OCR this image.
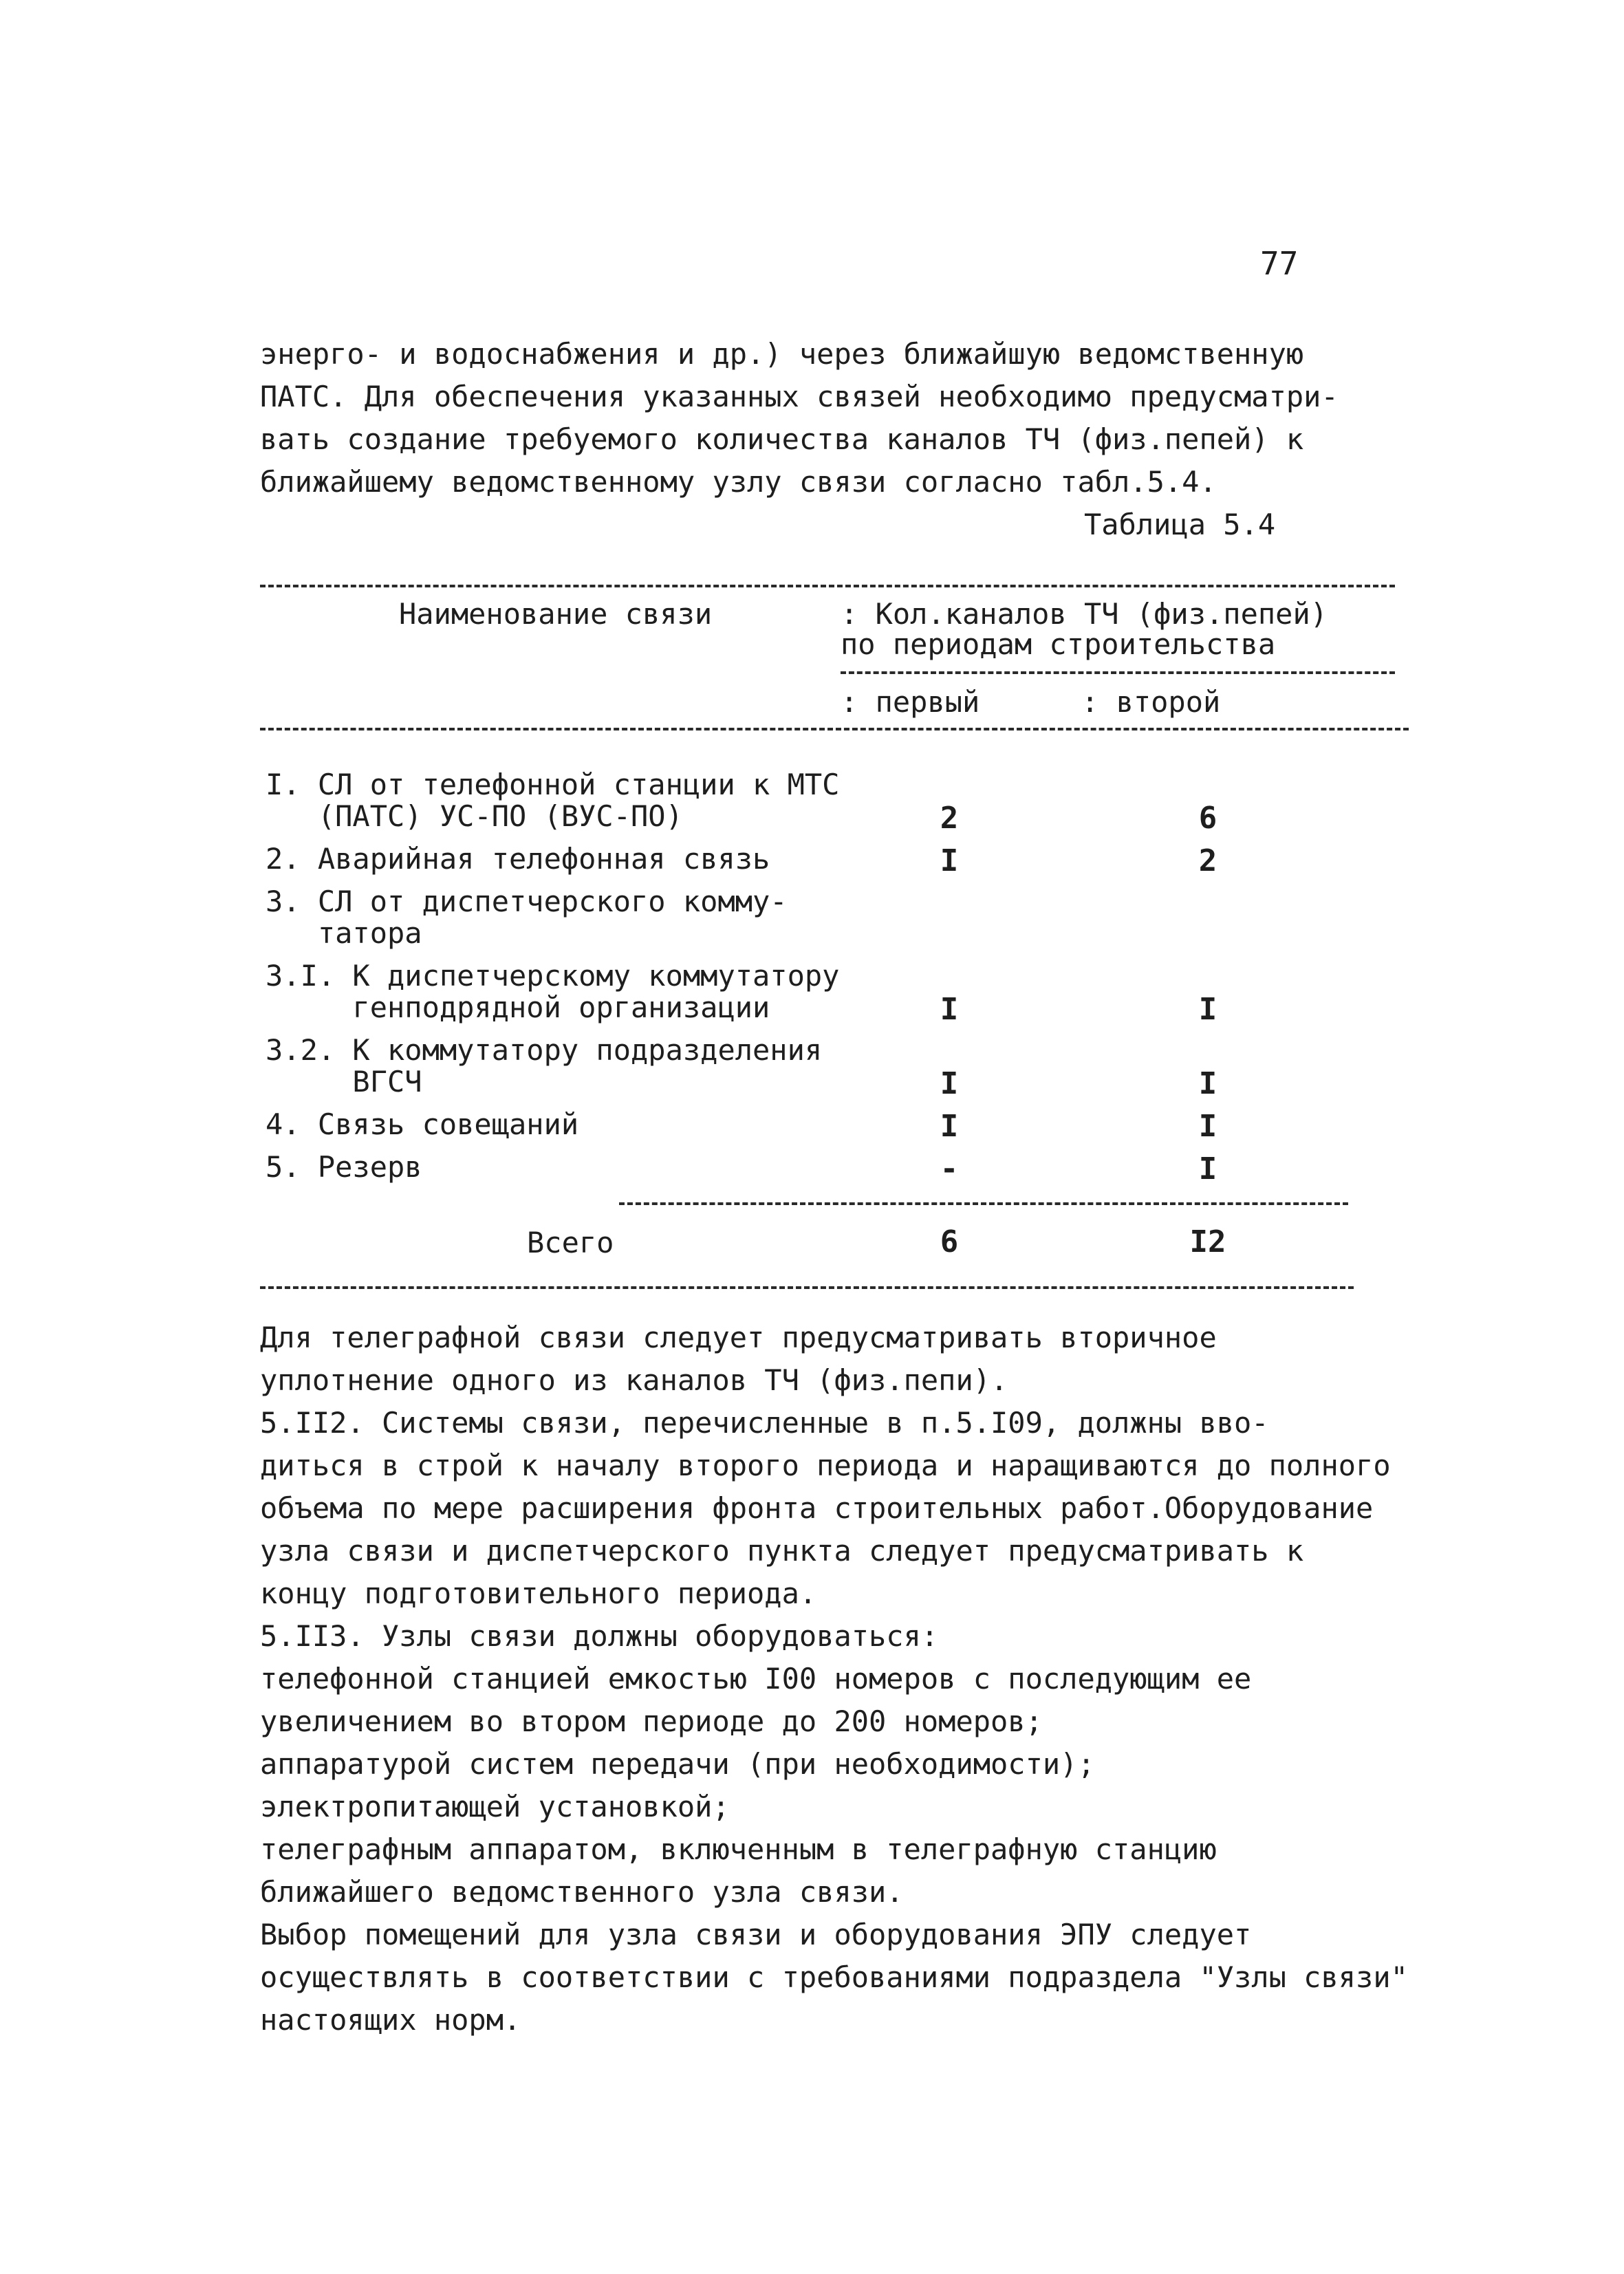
77
энерго- и водоснабжения и др.) через ближайшую ведомственную
ПАТС. Для обеспечения указанных связей необходимо предусматри-
вать создание требуемого количества каналов ТЧ (физ.пепей) к
ближайшему ведомственному узлу связи согласно табл.5.4.
Таблица 5.4
Наименование связи	: Кол.каналов ТЧ (физ.пепей)
по периодам строительства
: первый	: второй
I. СЛ от телефонной станции к МТС
(ПАТС) УС-ПО (ВУС-ПО)	2	6
2. Аварийная телефонная связь	I	2
3. СЛ от диспетчерского комму-
татора
3.I. К диспетчерскому коммутатору
генподрядной организации	I	I
3.2. К коммутатору подразделения
ВГСЧ	I	I
4. Связь совещаний	I	I
5. Резерв	-	I
Всего	6	I2
Для телеграфной связи следует предусматривать вторичное
уплотнение одного из каналов ТЧ (физ.пепи).
5.II2. Системы связи, перечисленные в п.5.I09, должны вво-
диться в строй к началу второго периода и наращиваются до полного
объема по мере расширения фронта строительных работ.Оборудование
узла связи и диспетчерского пункта следует предусматривать к
концу подготовительного периода.
5.II3. Узлы связи должны оборудоваться:
телефонной станцией емкостью I00 номеров с последующим ее
увеличением во втором периоде до 200 номеров;
аппаратурой систем передачи (при необходимости);
электропитающей установкой;
телеграфным аппаратом, включенным в телеграфную станцию
ближайшего ведомственного узла связи.
Выбор помещений для узла связи и оборудования ЭПУ следует
осуществлять в соответствии с требованиями подраздела "Узлы связи"
настоящих норм.
